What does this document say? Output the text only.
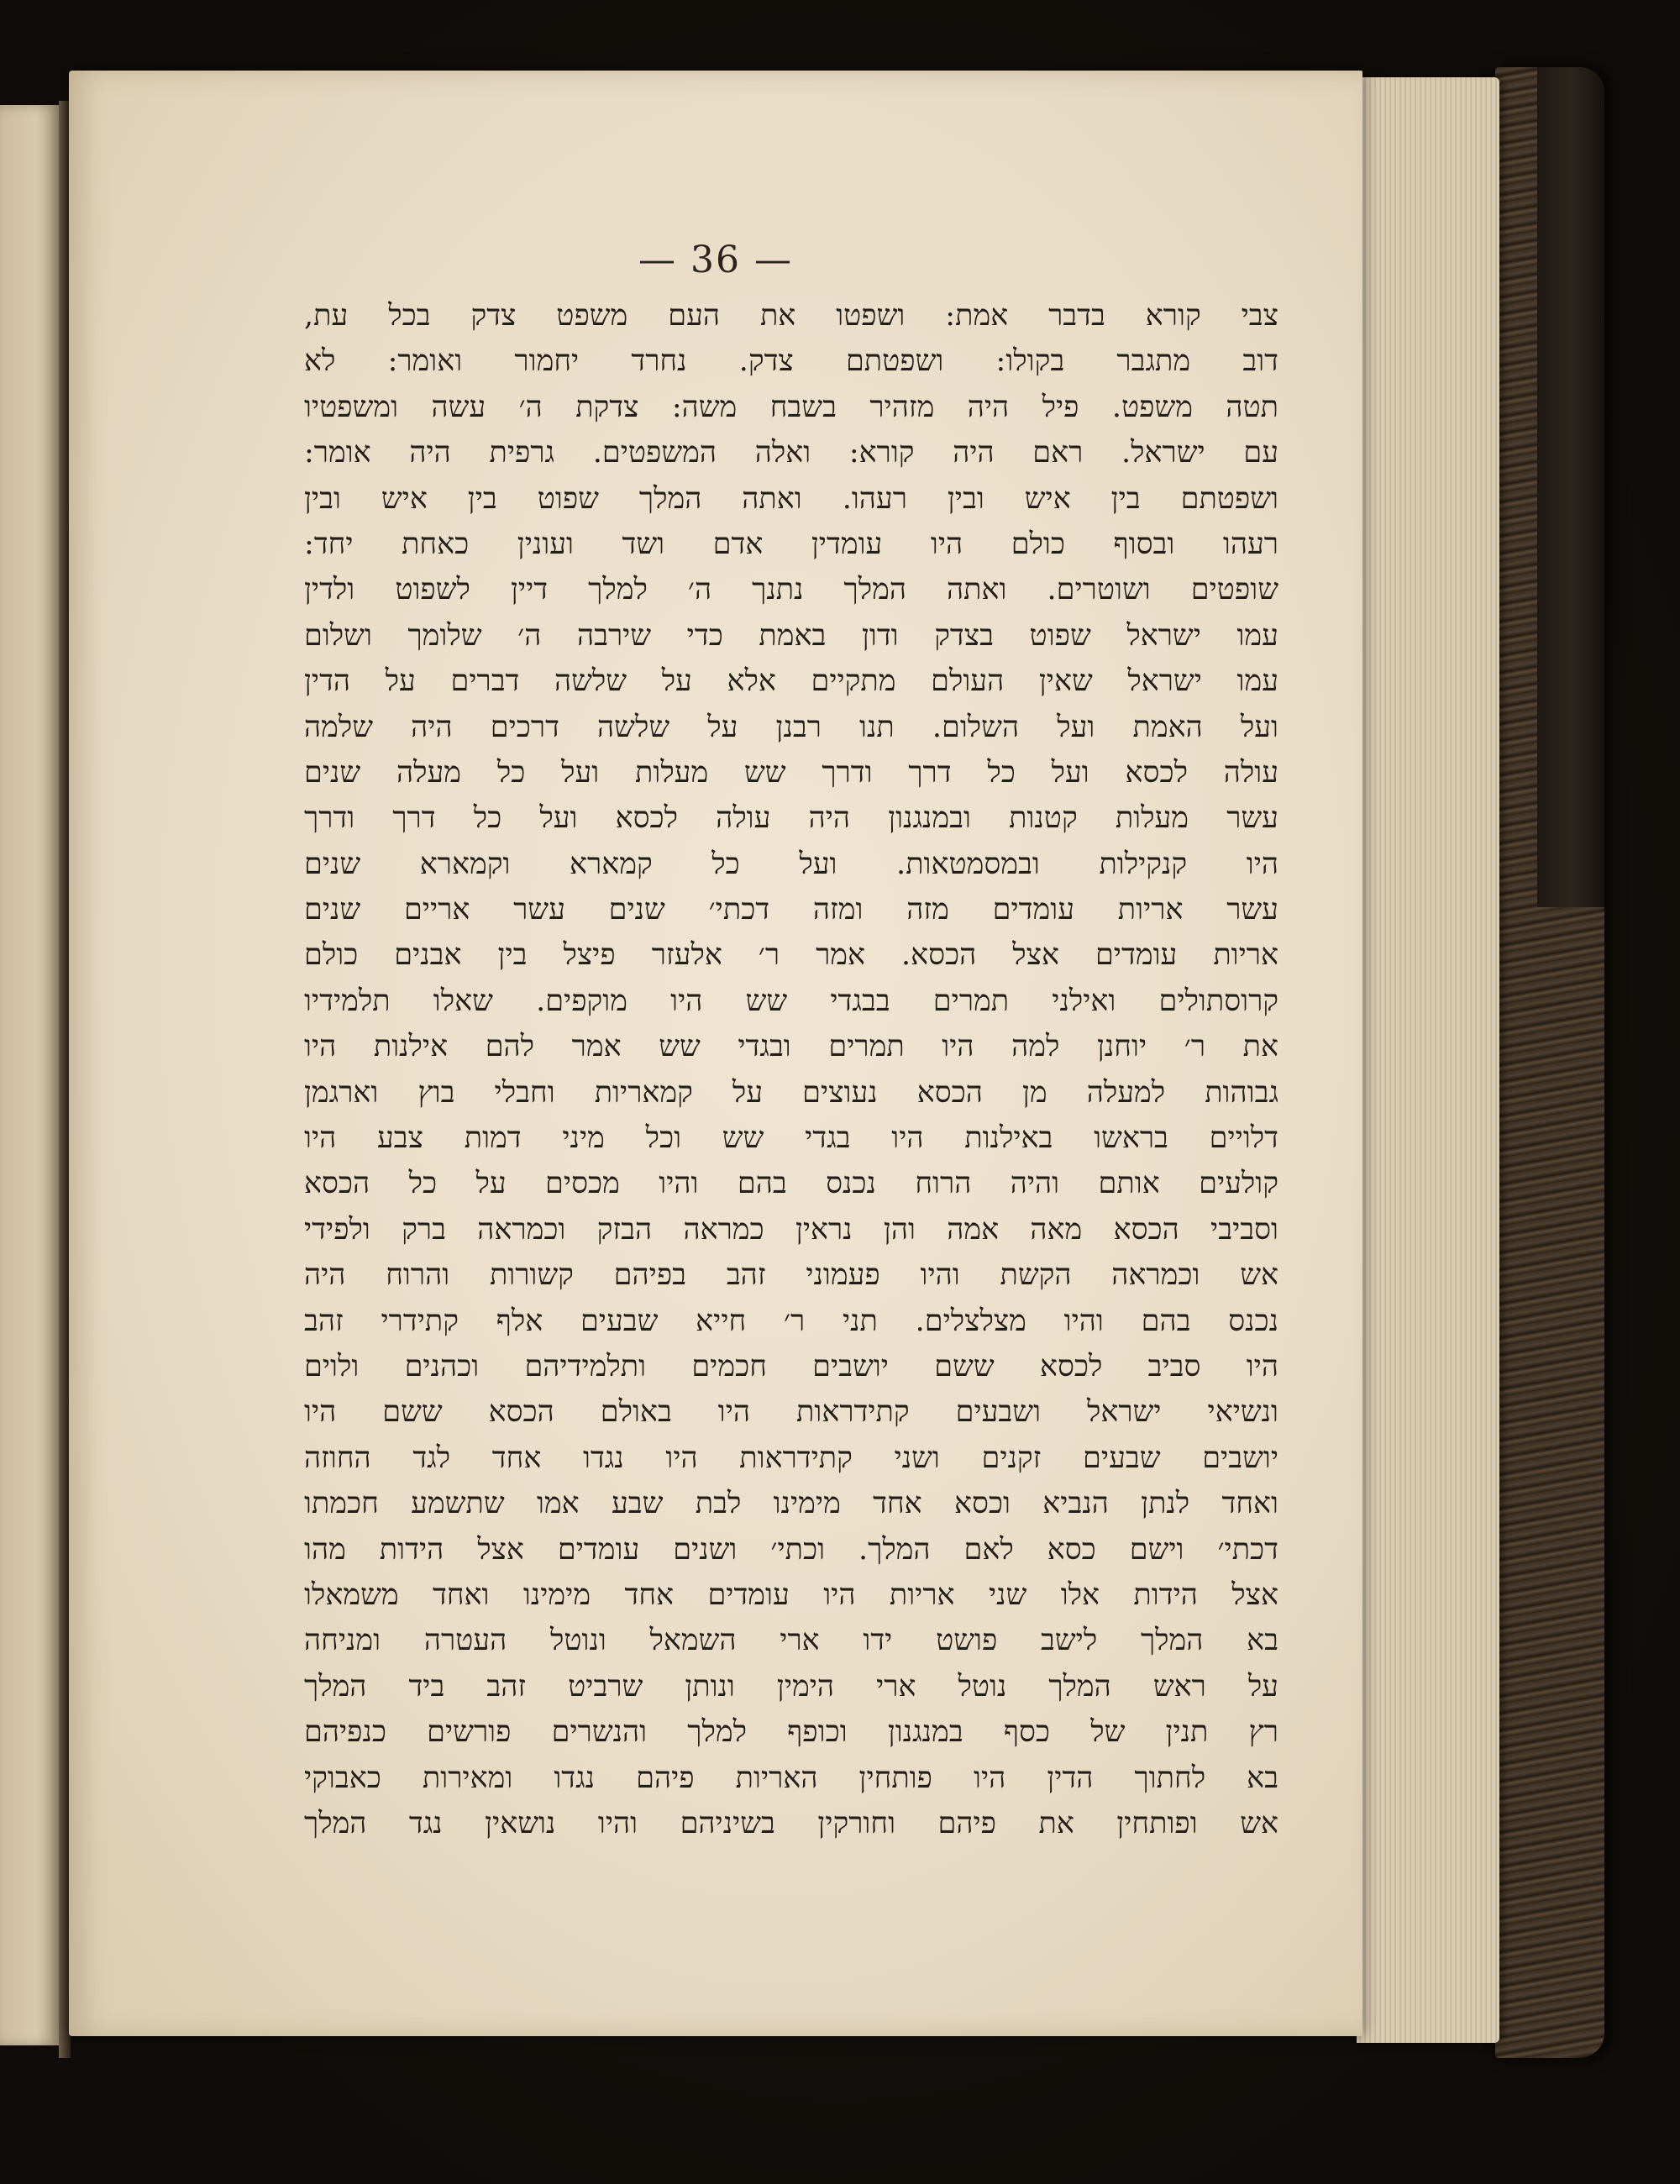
— 36 —

צבי קורא בדבר אמת: ושפטו את העם משפט צדק בכל עת,
דוב מתגבר בקולו: ושפטתם צדק. נחרד יחמור ואומר: לא
תטה משפט. פיל היה מזהיר בשבח משה: צדקת ה׳ עשה ומשפטיו
עם ישראל. ראם היה קורא: ואלה המשפטים. גרפית היה אומר:
ושפטתם בין איש ובין רעהו. ואתה המלך שפוט בין איש ובין
רעהו ובסוף כולם היו עומדין אדם ושד ועונין כאחת יחד:
שופטים ושוטרים. ואתה המלך נתנך ה׳ למלך דיין לשפוט ולדין
עמו ישראל שפוט בצדק ודון באמת כדי שירבה ה׳ שלומך ושלום
עמו ישראל שאין העולם מתקיים אלא על שלשה דברים על הדין
ועל האמת ועל השלום. תנו רבנן על שלשה דרכים היה שלמה
עולה לכסא ועל כל דרך ודרך שש מעלות ועל כל מעלה שנים
עשר מעלות קטנות ובמנגנון היה עולה לכסא ועל כל דרך ודרך
היו קנקילות ובמסמטאות. ועל כל קמארא וקמארא שנים
עשר אריות עומדים מזה ומזה דכתי׳ שנים עשר אריים שנים
אריות עומדים אצל הכסא. אמר ר׳ אלעזר פיצל בין אבנים כולם
קרוסתולים ואילני תמרים בבגדי שש היו מוקפים. שאלו תלמידיו
את ר׳ יוחנן למה היו תמרים ובגדי שש אמר להם אילנות היו
גבוהות למעלה מן הכסא נעוצים על קמאריות וחבלי בוץ וארגמן
דלויים בראשו באילנות היו בגדי שש וכל מיני דמות צבע היו
קולעים אותם והיה הרוח נכנס בהם והיו מכסים על כל הכסא
וסביבי הכסא מאה אמה והן נראין כמראה הבזק וכמראה ברק ולפידי
אש וכמראה הקשת והיו פעמוני זהב בפיהם קשורות והרוח היה
נכנס בהם והיו מצלצלים. תני ר׳ חייא שבעים אלף קתידרי זהב
היו סביב לכסא ששם יושבים חכמים ותלמידיהם וכהנים ולוים
ונשיאי ישראל ושבעים קתידראות היו באולם הכסא ששם היו
יושבים שבעים זקנים ושני קתידראות היו נגדו אחד לגד החוזה
ואחד לנתן הנביא וכסא אחד מימינו לבת שבע אמו שתשמע חכמתו
דכתי׳ וישם כסא לאם המלך. וכתי׳ ושנים עומדים אצל הידות מהו
אצל הידות אלו שני אריות היו עומדים אחד מימינו ואחד משמאלו
בא המלך לישב פושט ידו ארי השמאל ונוטל העטרה ומניחה
על ראש המלך נוטל ארי הימין ונותן שרביט זהב ביד המלך
רץ תנין של כסף במנגנון וכופף למלך והנשרים פורשים כנפיהם
בא לחתוך הדין היו פותחין האריות פיהם נגדו ומאירות כאבוקי
אש ופותחין את פיהם וחורקין בשיניהם והיו נושאין נגד המלך
